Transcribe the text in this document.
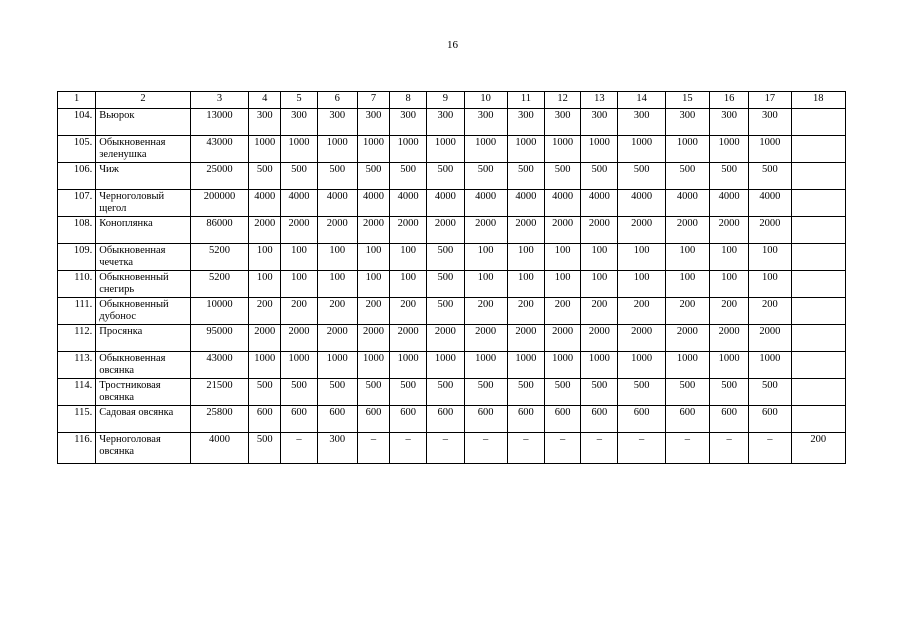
16
1	2	3	4	5	6	7	8	9	10	11	12	13	14	15	16	17	18
104.	Вьюрок	13000	300	300	300	300	300	300	300	300	300	300	300	300	300	300	
105.	Обыкновенная зеленушка	43000	1000	1000	1000	1000	1000	1000	1000	1000	1000	1000	1000	1000	1000	1000	
106.	Чиж	25000	500	500	500	500	500	500	500	500	500	500	500	500	500	500	
107.	Черноголовый щегол	200000	4000	4000	4000	4000	4000	4000	4000	4000	4000	4000	4000	4000	4000	4000	
108.	Коноплянка	86000	2000	2000	2000	2000	2000	2000	2000	2000	2000	2000	2000	2000	2000	2000	
109.	Обыкновенная чечетка	5200	100	100	100	100	100	500	100	100	100	100	100	100	100	100	
110.	Обыкновенный снегирь	5200	100	100	100	100	100	500	100	100	100	100	100	100	100	100	
111.	Обыкновенный дубонос	10000	200	200	200	200	200	500	200	200	200	200	200	200	200	200	
112.	Просянка	95000	2000	2000	2000	2000	2000	2000	2000	2000	2000	2000	2000	2000	2000	2000	
113.	Обыкновенная овсянка	43000	1000	1000	1000	1000	1000	1000	1000	1000	1000	1000	1000	1000	1000	1000	
114.	Тростниковая овсянка	21500	500	500	500	500	500	500	500	500	500	500	500	500	500	500	
115.	Садовая овсянка	25800	600	600	600	600	600	600	600	600	600	600	600	600	600	600	
116.	Черноголовая овсянка	4000	500	–	300	–	–	–	–	–	–	–	–	–	–	–	200
